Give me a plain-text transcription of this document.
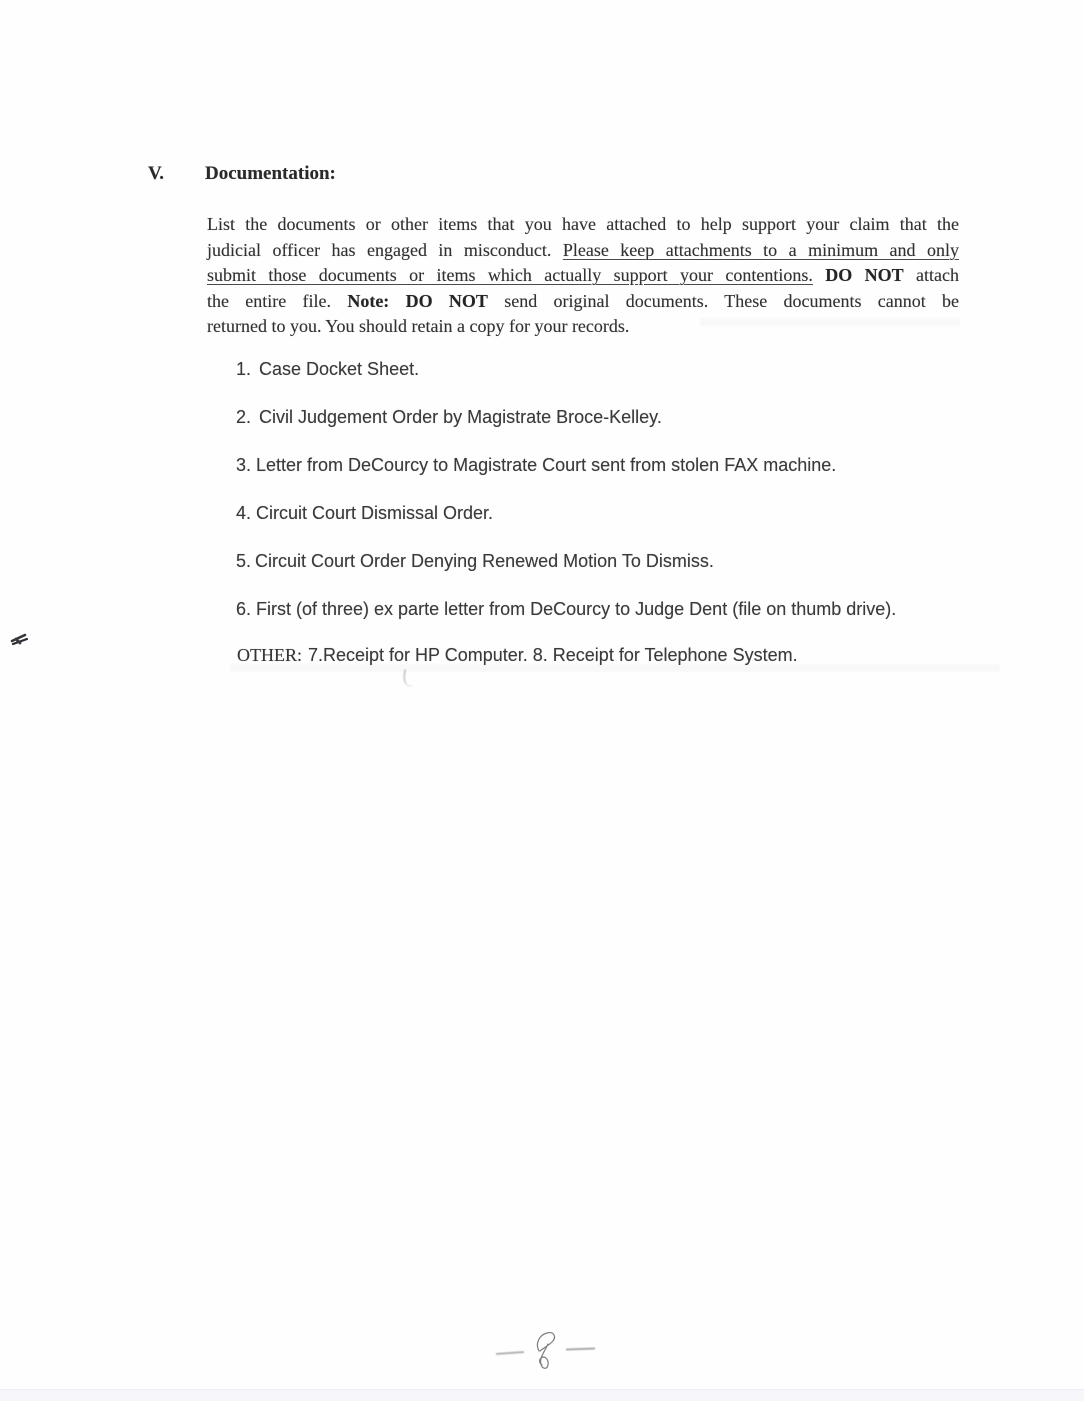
V. Documentation:
List the documents or other items that you have attached to help support your claim that the
judicial officer has engaged in misconduct. Please keep attachments to a minimum and only
submit those documents or items which actually support your contentions. DO NOT attach
the entire file. Note: DO NOT send original documents. These documents cannot be
returned to you. You should retain a copy for your records.
1. Case Docket Sheet.
2. Civil Judgement Order by Magistrate Broce-Kelley.
3. Letter from DeCourcy to Magistrate Court sent from stolen FAX machine.
4. Circuit Court Dismissal Order.
5. Circuit Court Order Denying Renewed Motion To Dismiss.
6. First (of three) ex parte letter from DeCourcy to Judge Dent (file on thumb drive).
OTHER: 7.Receipt for HP Computer. 8. Receipt for Telephone System.
